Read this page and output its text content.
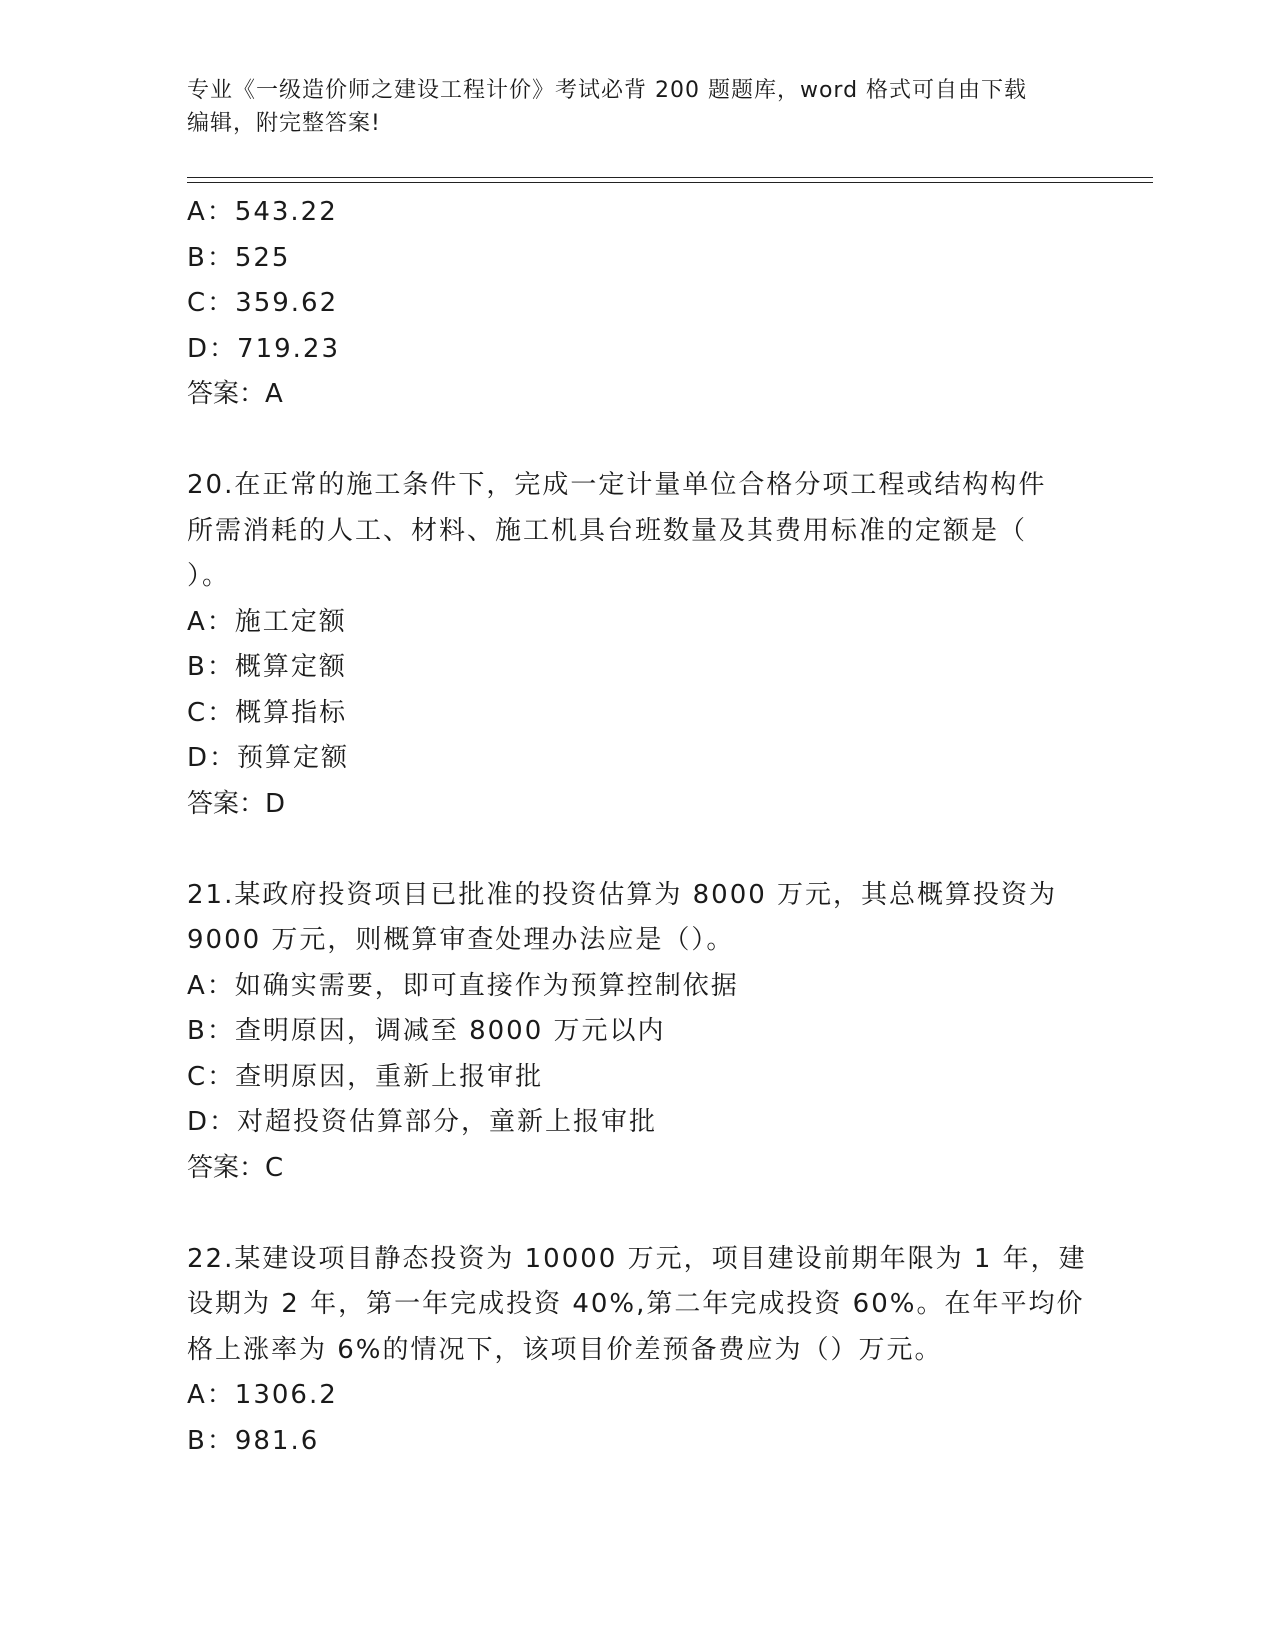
专业《一级造价师之建设工程计价》考试必背 200 题题库，word 格式可自由下载
编辑，附完整答案!
A：543.22
B：525
C：359.62
D：719.23
答案：A
20.在正常的施工条件下，完成一定计量单位合格分项工程或结构构件
所需消耗的人工、材料、施工机具台班数量及其费用标准的定额是（
）。
A：施工定额
B：概算定额
C：概算指标
D：预算定额
答案：D
21.某政府投资项目已批准的投资估算为 8000 万元，其总概算投资为
9000 万元，则概算审查处理办法应是（）。
A：如确实需要，即可直接作为预算控制依据
B：查明原因，调减至 8000 万元以内
C：查明原因，重新上报审批
D：对超投资估算部分，童新上报审批
答案：C
22.某建设项目静态投资为 10000 万元，项目建设前期年限为 1 年，建
设期为 2 年，第一年完成投资 40%,第二年完成投资 60%。在年平均价
格上涨率为 6%的情况下，该项目价差预备费应为（）万元。
A：1306.2
B：981.6
